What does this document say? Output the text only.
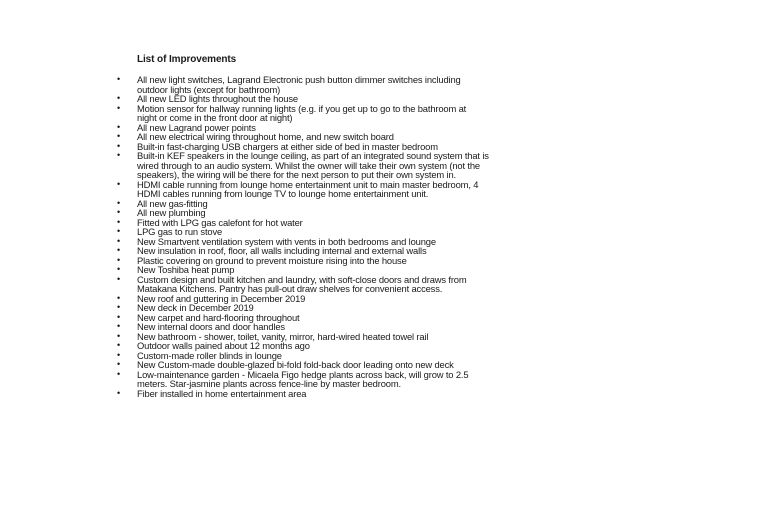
List of Improvements
•	All new light switches, Lagrand Electronic push button dimmer switches including
outdoor lights (except for bathroom)
•	All new LED lights throughout the house
•	Motion sensor for hallway running lights (e.g. if you get up to go to the bathroom at
night or come in the front door at night)
•	All new Lagrand power points
•	All new electrical wiring throughout home, and new switch board
•	Built-in fast-charging USB chargers at either side of bed in master bedroom
•	Built-in KEF speakers in the lounge ceiling, as part of an integrated sound system that is
wired through to an audio system. Whilst the owner will take their own system (not the
speakers), the wiring will be there for the next person to put their own system in.
•	HDMI cable running from lounge home entertainment unit to main master bedroom, 4
HDMI cables running from lounge TV to lounge home entertainment unit.
•	All new gas-fitting
•	All new plumbing
•	Fitted with LPG gas calefont for hot water
•	LPG gas to run stove
•	New Smartvent ventilation system with vents in both bedrooms and lounge
•	New insulation in roof, floor, all walls including internal and external walls
•	Plastic covering on ground to prevent moisture rising into the house
•	New Toshiba heat pump
•	Custom design and built kitchen and laundry, with soft-close doors and draws from
Matakana Kitchens. Pantry has pull-out draw shelves for convenient access.
•	New roof and guttering in December 2019
•	New deck in December 2019
•	New carpet and hard-flooring throughout
•	New internal doors and door handles
•	New bathroom - shower, toilet, vanity, mirror, hard-wired heated towel rail
•	Outdoor walls pained about 12 months ago
•	Custom-made roller blinds in lounge
•	New Custom-made double-glazed bi-fold fold-back door leading onto new deck
•	Low-maintenance garden - Micaela Figo hedge plants across back, will grow to 2.5
meters. Star-jasmine plants across fence-line by master bedroom.
•	Fiber installed in home entertainment area
